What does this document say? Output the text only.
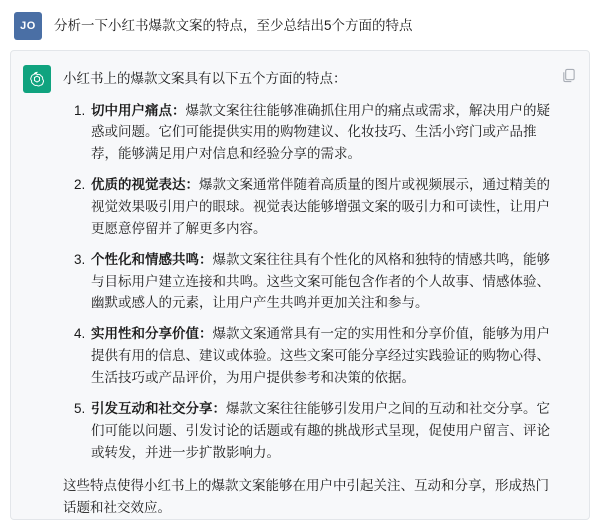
JO 分析一下小红书爆款文案的特点，至少总结出5个方面的特点

小红书上的爆款文案具有以下五个方面的特点：

1. 切中用户痛点：爆款文案往往能够准确抓住用户的痛点或需求，解决用户的疑惑或问题。它们可能提供实用的购物建议、化妆技巧、生活小窍门或产品推荐，能够满足用户对信息和经验分享的需求。
2. 优质的视觉表达：爆款文案通常伴随着高质量的图片或视频展示，通过精美的视觉效果吸引用户的眼球。视觉表达能够增强文案的吸引力和可读性，让用户更愿意停留并了解更多内容。
3. 个性化和情感共鸣：爆款文案往往具有个性化的风格和独特的情感共鸣，能够与目标用户建立连接和共鸣。这些文案可能包含作者的个人故事、情感体验、幽默或感人的元素，让用户产生共鸣并更加关注和参与。
4. 实用性和分享价值：爆款文案通常具有一定的实用性和分享价值，能够为用户提供有用的信息、建议或体验。这些文案可能分享经过实践验证的购物心得、生活技巧或产品评价，为用户提供参考和决策的依据。
5. 引发互动和社交分享：爆款文案往往能够引发用户之间的互动和社交分享。它们可能以问题、引发讨论的话题或有趣的挑战形式呈现，促使用户留言、评论或转发，并进一步扩散影响力。

这些特点使得小红书上的爆款文案能够在用户中引起关注、互动和分享，形成热门话题和社交效应。
